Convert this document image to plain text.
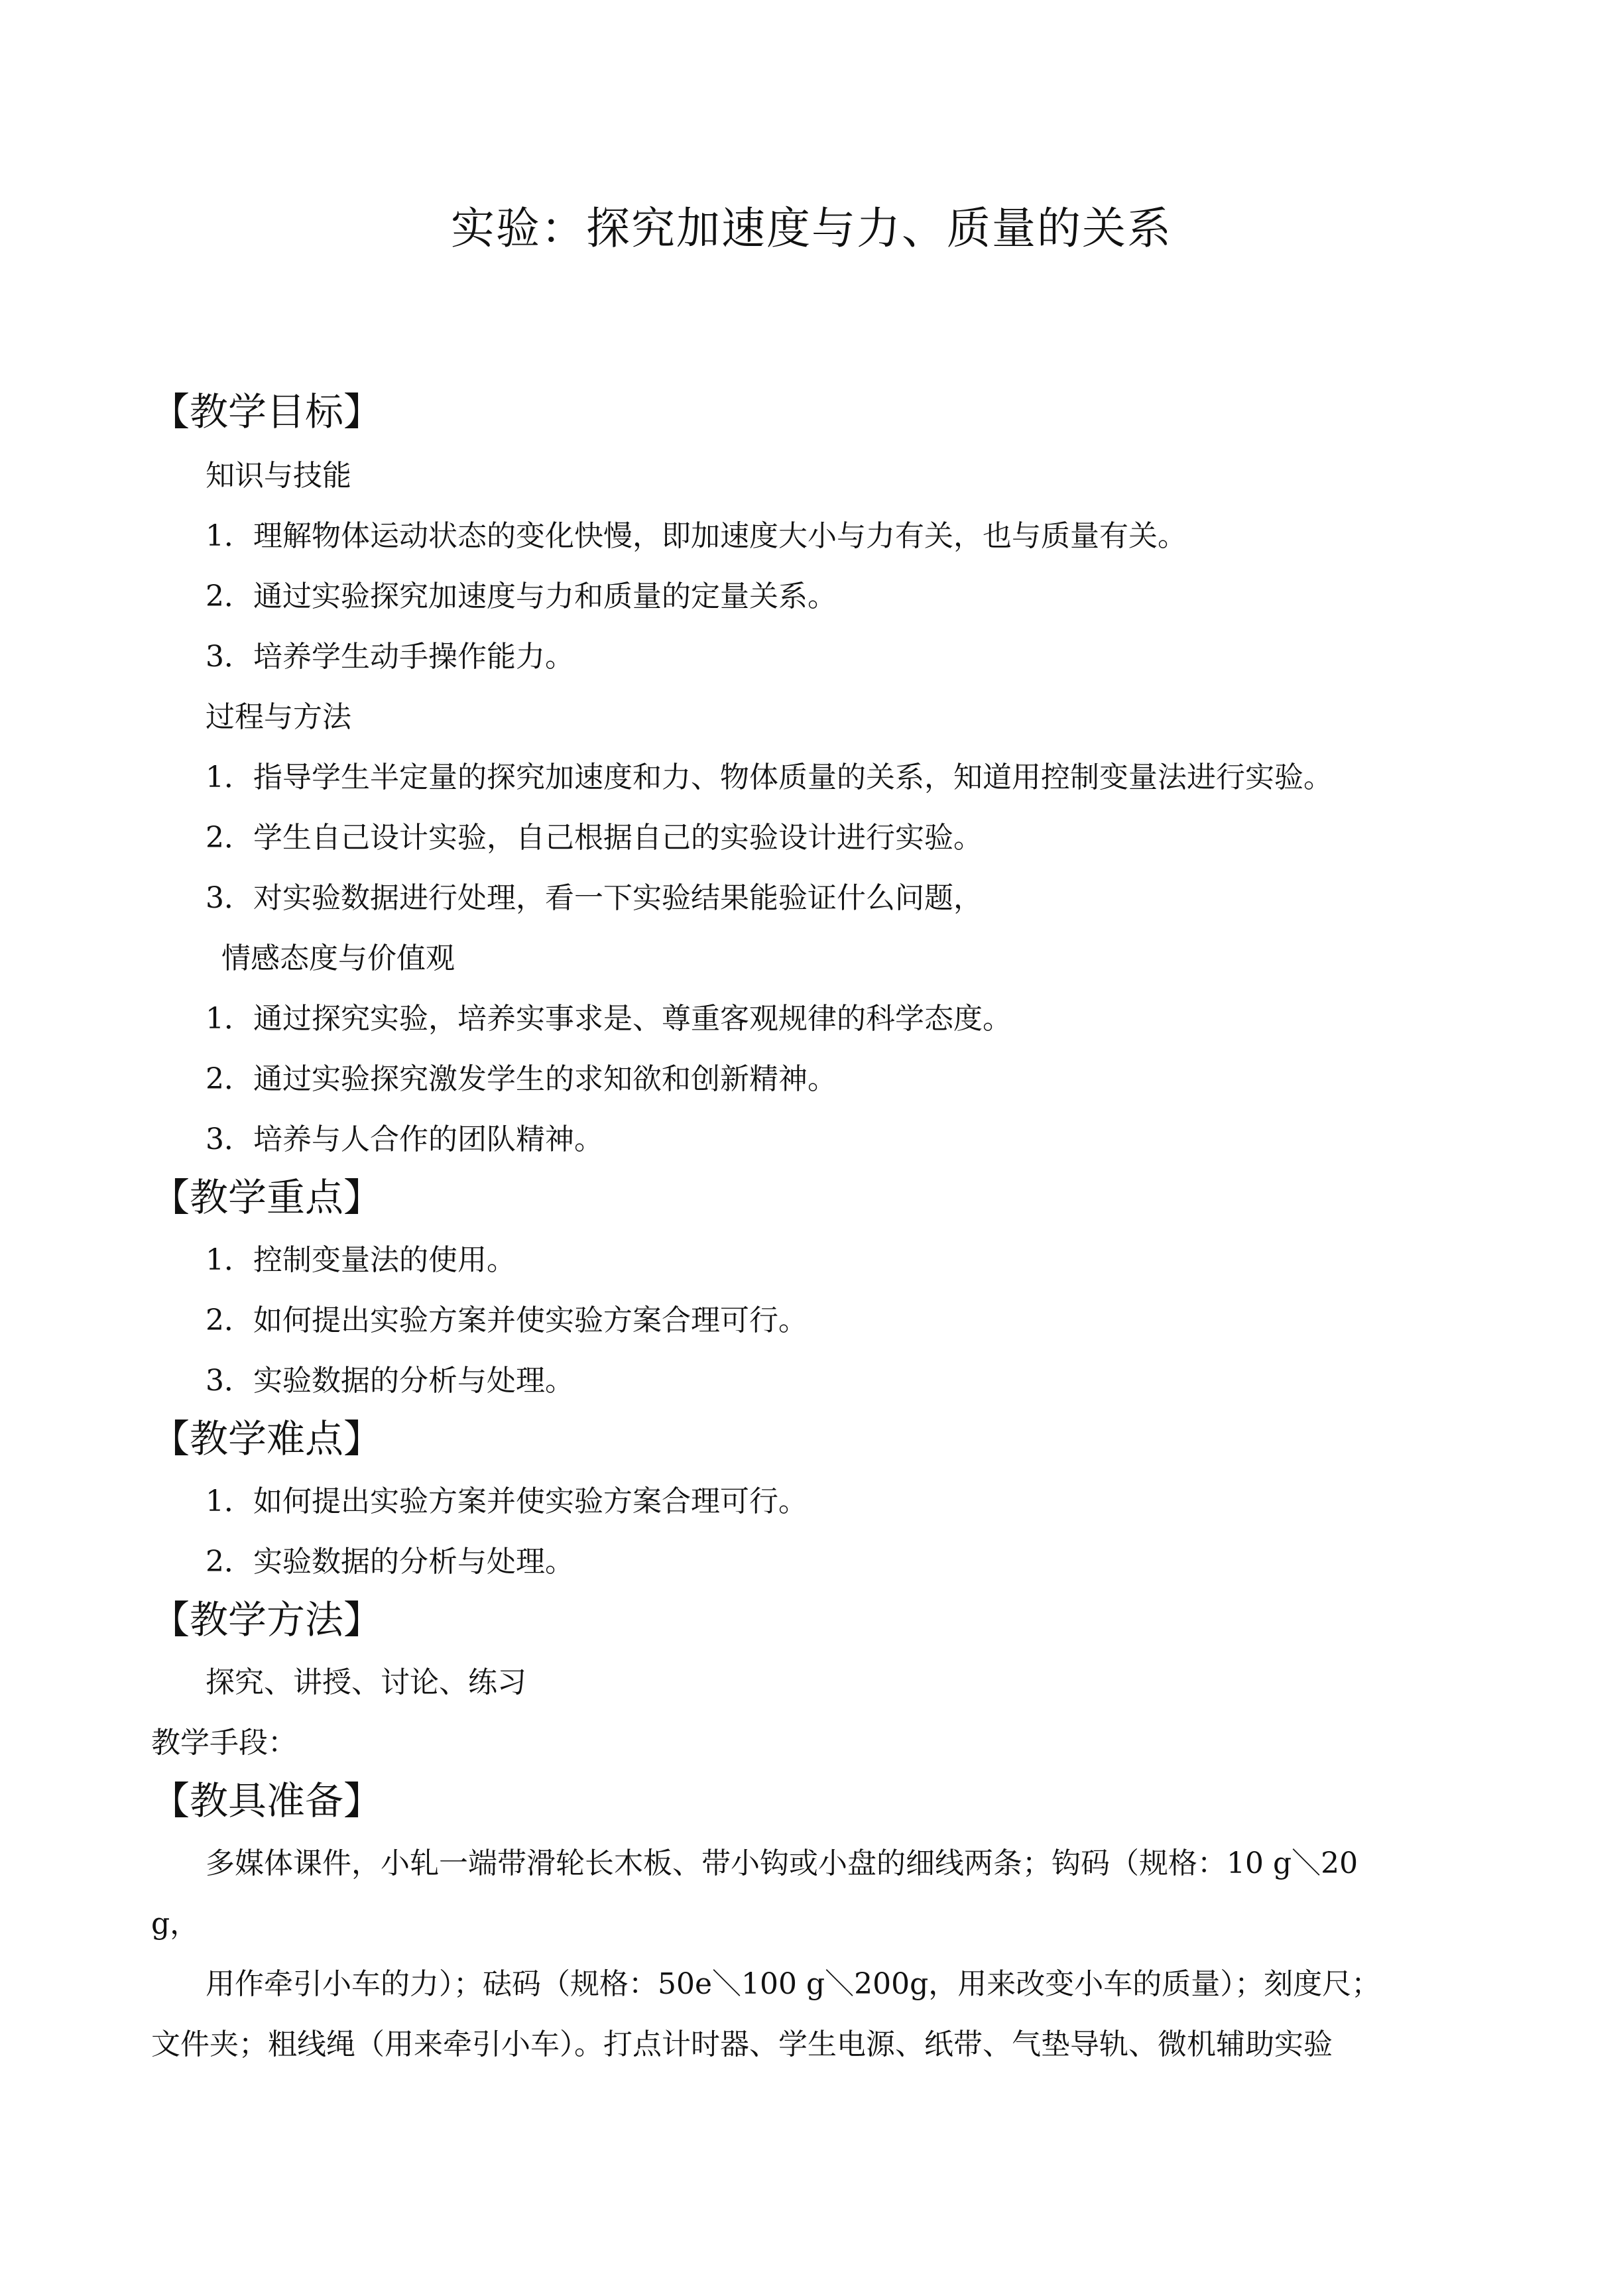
实验：探究加速度与力、质量的关系
【教学目标】
知识与技能
1．理解物体运动状态的变化快慢，即加速度大小与力有关，也与质量有关。
2．通过实验探究加速度与力和质量的定量关系。
3．培养学生动手操作能力。
过程与方法
1．指导学生半定量的探究加速度和力、物体质量的关系，知道用控制变量法进行实验。
2．学生自己设计实验，自己根据自己的实验设计进行实验。
3．对实验数据进行处理，看一下实验结果能验证什么问题，
情感态度与价值观
1．通过探究实验，培养实事求是、尊重客观规律的科学态度。
2．通过实验探究激发学生的求知欲和创新精神。
3．培养与人合作的团队精神。
【教学重点】
1．控制变量法的使用。
2．如何提出实验方案并使实验方案合理可行。
3．实验数据的分析与处理。
【教学难点】
1．如何提出实验方案并使实验方案合理可行。
2．实验数据的分析与处理。
【教学方法】
探究、讲授、讨论、练习
教学手段：
【教具准备】
多媒体课件，小轧一端带滑轮长木板、带小钩或小盘的细线两条；钩码（规格：10 g＼20
g，
用作牵引小车的力）；砝码（规格：50e＼100 g＼200g，用来改变小车的质量）；刻度尺；
文件夹；粗线绳（用来牵引小车）。打点计时器、学生电源、纸带、气垫导轨、微机辅助实验
